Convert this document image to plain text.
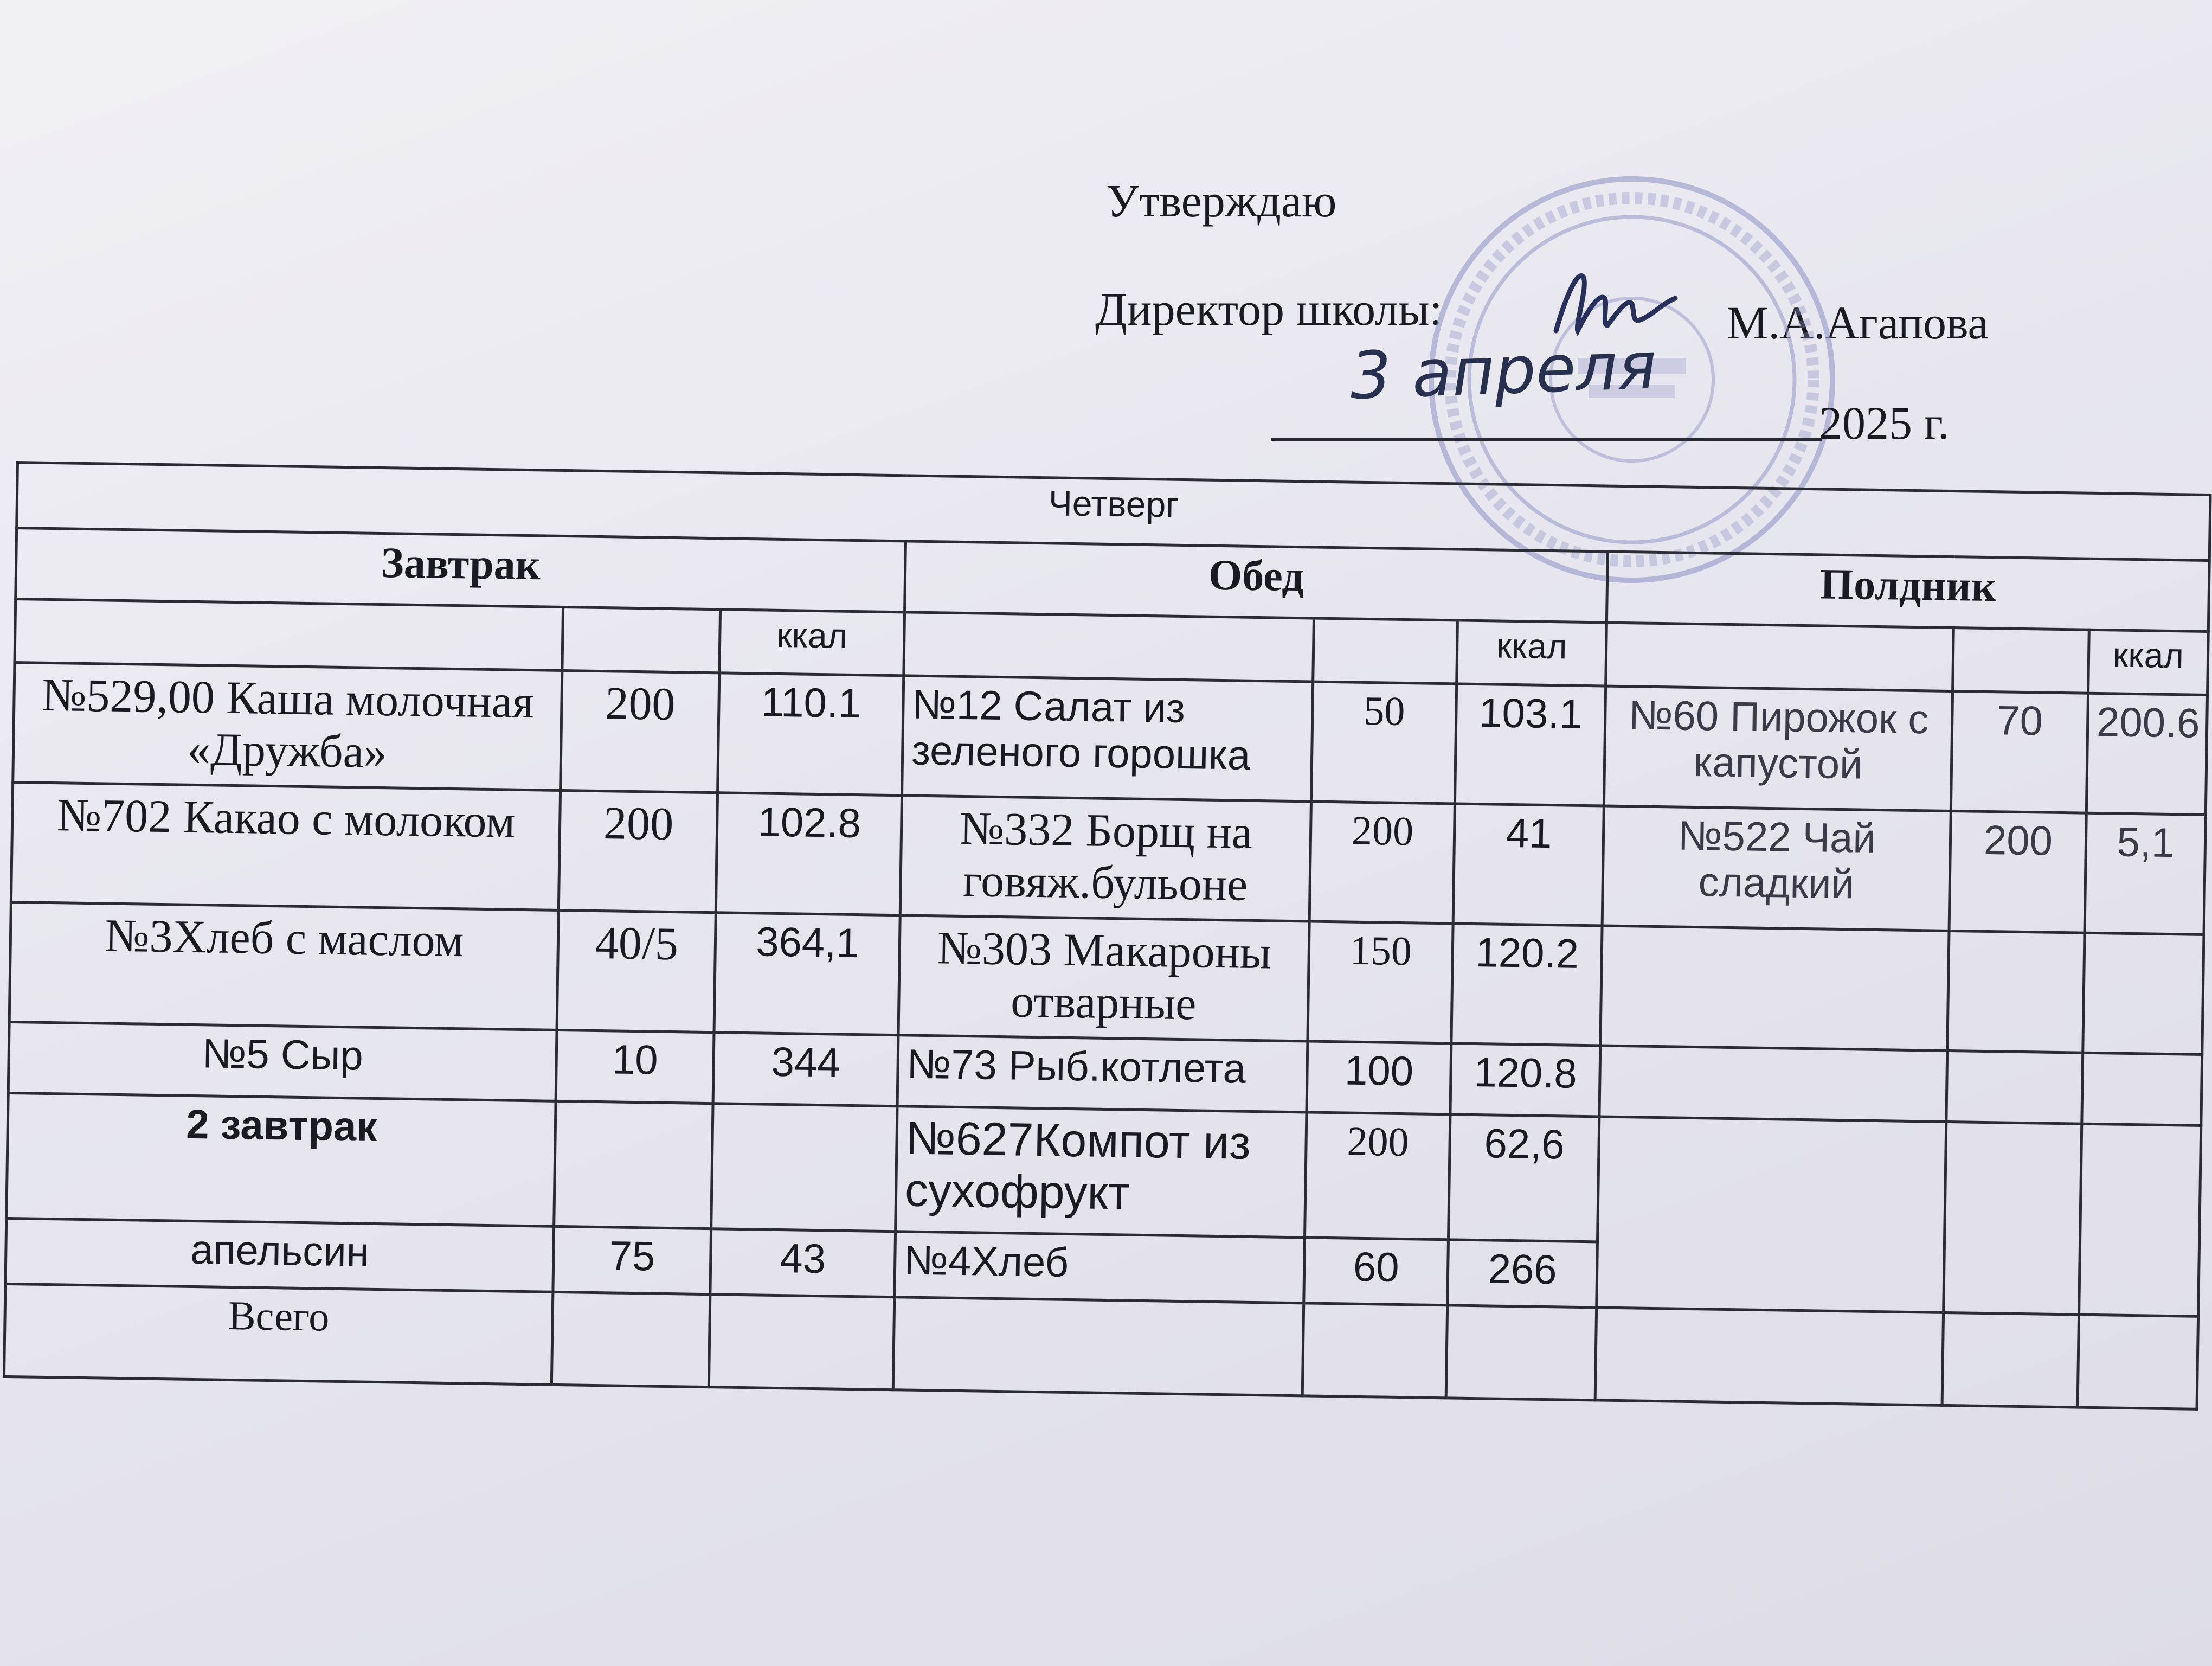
Утверждаю
Директор школы:	М.А.Агапова
3 апреля
2025 г.
Четверг								
Завтрак			Обед			Полдник		
		ккал			ккал			ккал
№529,00 Каша молочная «Дружба»	200	110.1	№12 Салат из зеленого горошка	50	103.1	№60 Пирожок с капустой	70	200.6
№702 Какао с молоком	200	102.8	№332 Борщ на говяж.бульоне	200	41	№522 Чай сладкий	200	5,1
№3Хлеб с маслом	40/5	364,1	№303 Макароны отварные	150	120.2			
№5 Сыр	10	344	№73 Рыб.котлета	100	120.8			
2 завтрак			№627Компот из сухофрукт	200	62,6			
апельсин	75	43	№4Хлеб	60	266			
Всего								
